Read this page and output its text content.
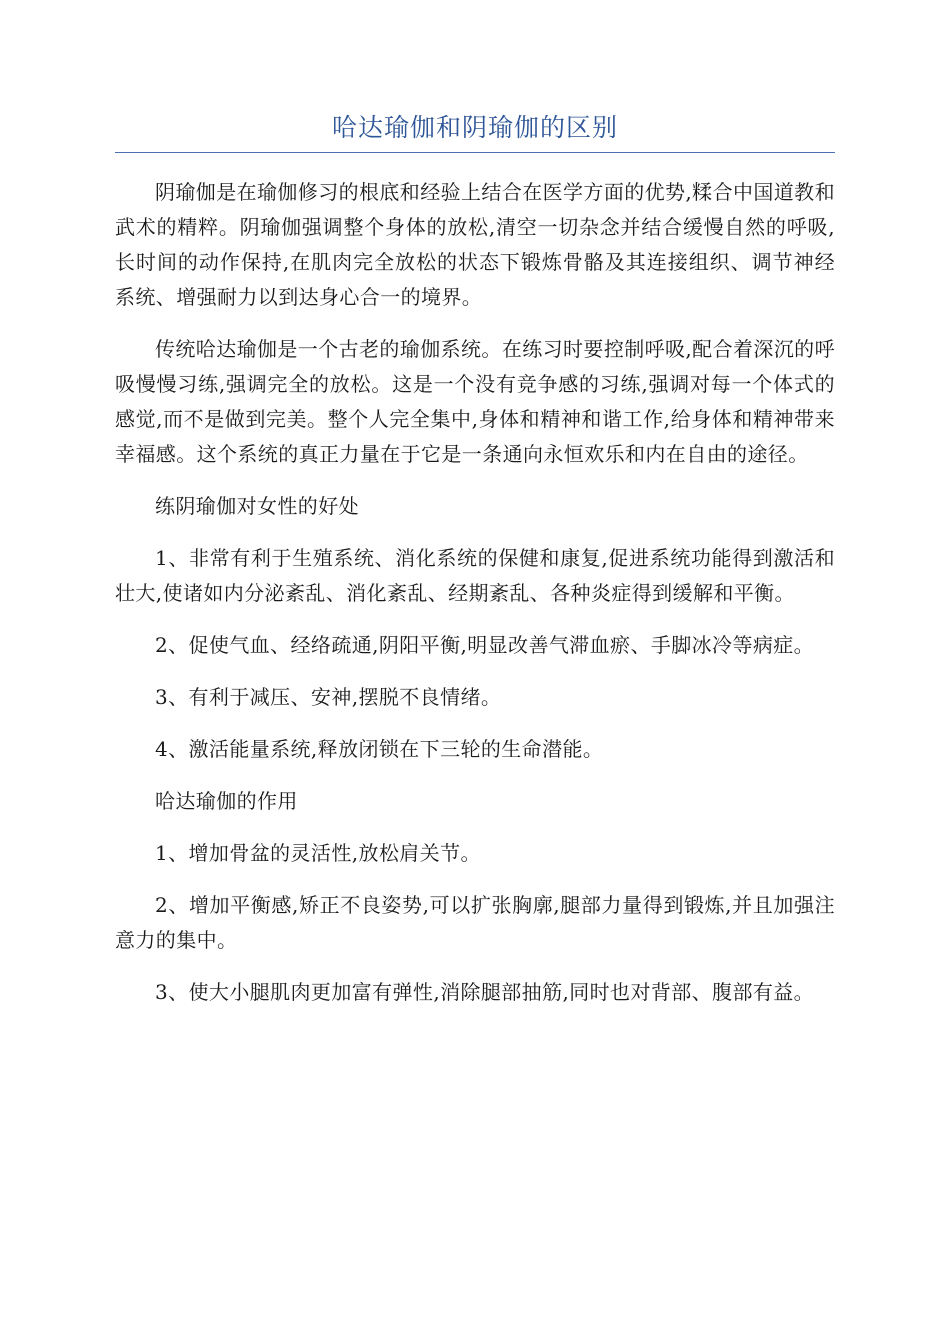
哈达瑜伽和阴瑜伽的区别

阴瑜伽是在瑜伽修习的根底和经验上结合在医学方面的优势,糅合中国道教和武术的精粹。阴瑜伽强调整个身体的放松,清空一切杂念并结合缓慢自然的呼吸,长时间的动作保持,在肌肉完全放松的状态下锻炼骨骼及其连接组织、调节神经系统、增强耐力以到达身心合一的境界。

传统哈达瑜伽是一个古老的瑜伽系统。在练习时要控制呼吸,配合着深沉的呼吸慢慢习练,强调完全的放松。这是一个没有竞争感的习练,强调对每一个体式的感觉,而不是做到完美。整个人完全集中,身体和精神和谐工作,给身体和精神带来幸福感。这个系统的真正力量在于它是一条通向永恒欢乐和内在自由的途径。

练阴瑜伽对女性的好处

1、非常有利于生殖系统、消化系统的保健和康复,促进系统功能得到激活和壮大,使诸如内分泌紊乱、消化紊乱、经期紊乱、各种炎症得到缓解和平衡。

2、促使气血、经络疏通,阴阳平衡,明显改善气滞血瘀、手脚冰冷等病症。

3、有利于减压、安神,摆脱不良情绪。

4、激活能量系统,释放闭锁在下三轮的生命潜能。

哈达瑜伽的作用

1、增加骨盆的灵活性,放松肩关节。

2、增加平衡感,矫正不良姿势,可以扩张胸廓,腿部力量得到锻炼,并且加强注意力的集中。

3、使大小腿肌肉更加富有弹性,消除腿部抽筋,同时也对背部、腹部有益。
